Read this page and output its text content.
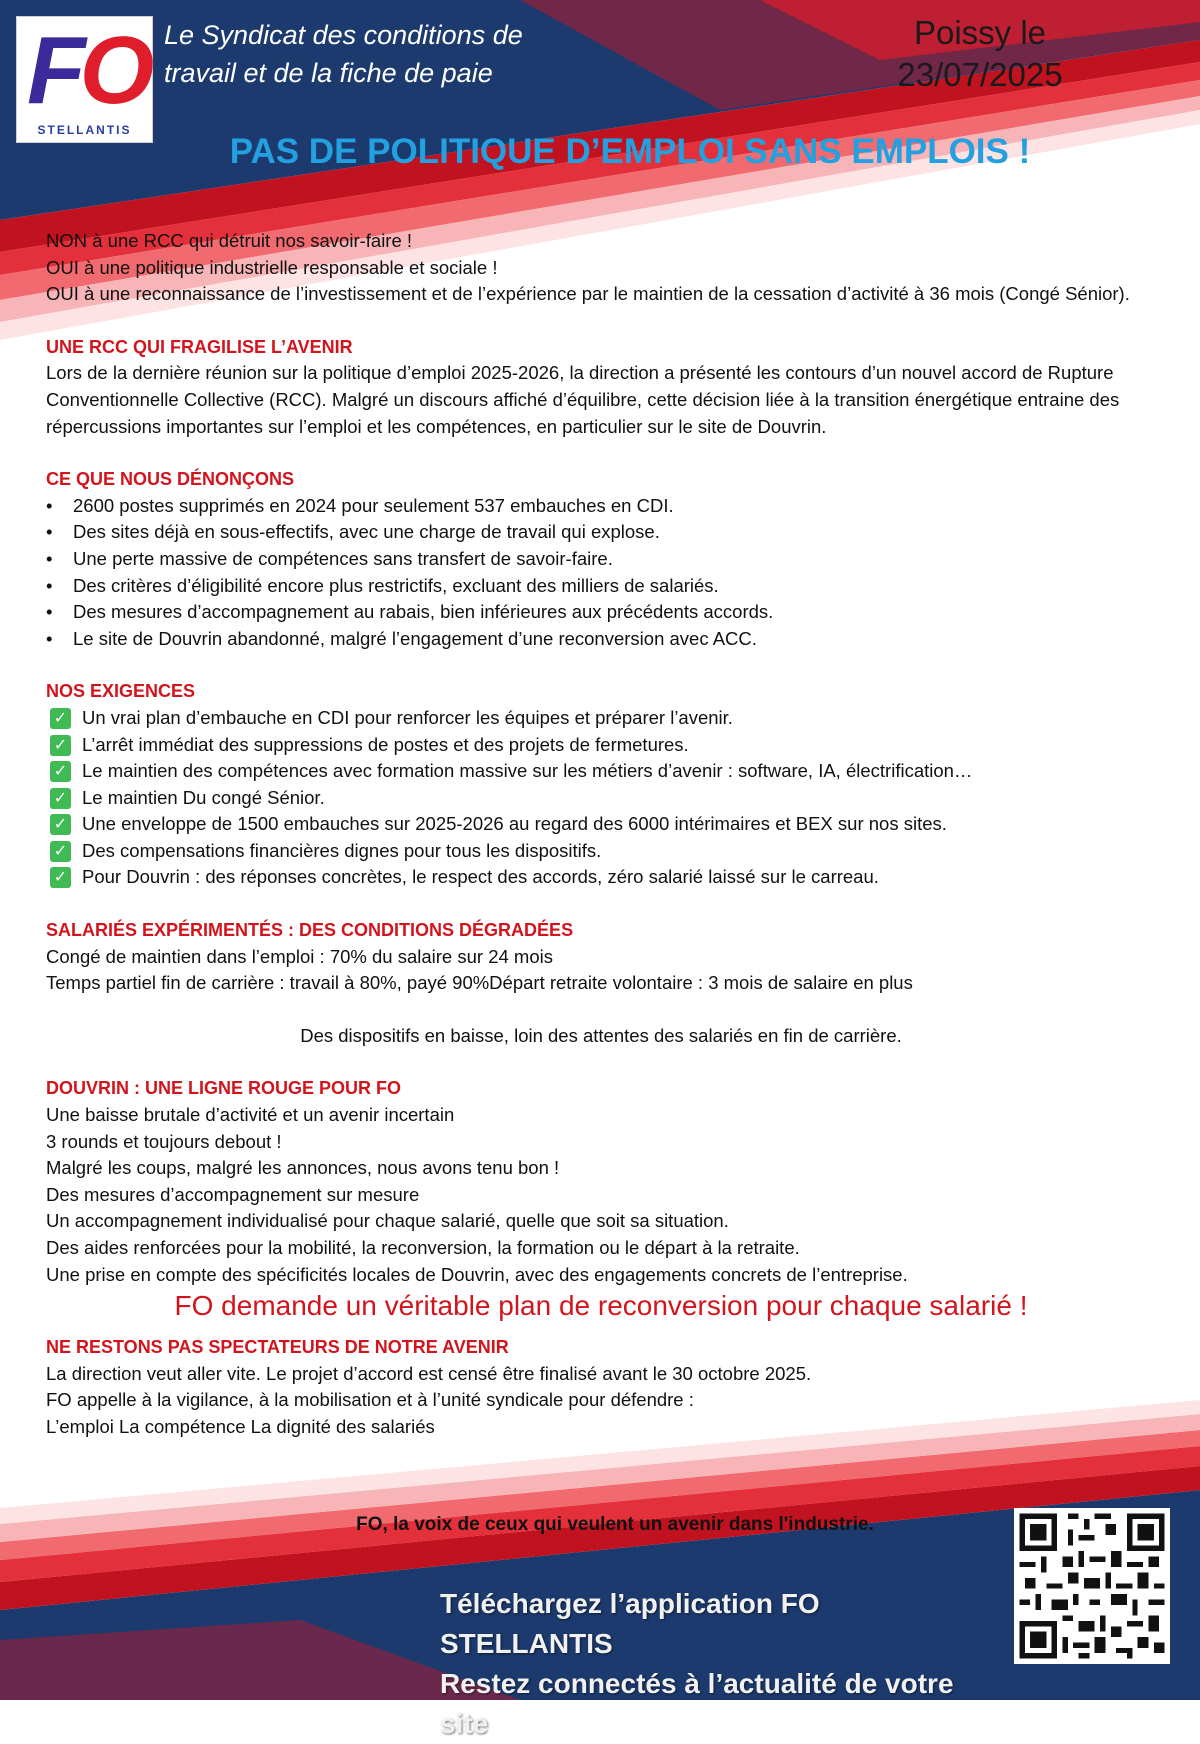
FO
STELLANTIS
Le Syndicat des conditions de
travail et de la fiche de paie
Poissy le
23/07/2025
PAS DE POLITIQUE D’EMPLOI SANS EMPLOIS !

NON à une RCC qui détruit nos savoir-faire !

OUI à une politique industrielle responsable et sociale !

OUI à une reconnaissance de l’investissement et de l’expérience par le maintien de la cessation d’activité à 36 mois (Congé Sénior).

UNE RCC QUI FRAGILISE L’AVENIR

Lors de la dernière réunion sur la politique d’emploi 2025-2026, la direction a présenté les contours d’un nouvel accord de Rupture Conventionnelle Collective (RCC). Malgré un discours affiché d’équilibre, cette décision liée à la transition énergétique entraine des répercussions importantes sur l’emploi et les compétences, en particulier sur le site de Douvrin.

CE QUE NOUS DÉNONÇONS

• 2600 postes supprimés en 2024 pour seulement 537 embauches en CDI.
• Des sites déjà en sous-effectifs, avec une charge de travail qui explose.
• Une perte massive de compétences sans transfert de savoir-faire.
• Des critères d’éligibilité encore plus restrictifs, excluant des milliers de salariés.
• Des mesures d’accompagnement au rabais, bien inférieures aux précédents accords.
• Le site de Douvrin abandonné, malgré l’engagement d’une reconversion avec ACC.

NOS EXIGENCES

✓ Un vrai plan d’embauche en CDI pour renforcer les équipes et préparer l’avenir.
✓ L’arrêt immédiat des suppressions de postes et des projets de fermetures.
✓ Le maintien des compétences avec formation massive sur les métiers d’avenir : software, IA, électrification…
✓ Le maintien Du congé Sénior.
✓ Une enveloppe de 1500 embauches sur 2025-2026 au regard des 6000 intérimaires et BEX sur nos sites.
✓ Des compensations financières dignes pour tous les dispositifs.
✓ Pour Douvrin : des réponses concrètes, le respect des accords, zéro salarié laissé sur le carreau.

SALARIÉS EXPÉRIMENTÉS : DES CONDITIONS DÉGRADÉES

Congé de maintien dans l’emploi : 70% du salaire sur 24 mois

Temps partiel fin de carrière : travail à 80%, payé 90%Départ retraite volontaire : 3 mois de salaire en plus

Des dispositifs en baisse, loin des attentes des salariés en fin de carrière.

DOUVRIN : UNE LIGNE ROUGE POUR FO

Une baisse brutale d’activité et un avenir incertain

3 rounds et toujours debout !

Malgré les coups, malgré les annonces, nous avons tenu bon !

Des mesures d’accompagnement sur mesure

Un accompagnement individualisé pour chaque salarié, quelle que soit sa situation.

Des aides renforcées pour la mobilité, la reconversion, la formation ou le départ à la retraite.

Une prise en compte des spécificités locales de Douvrin, avec des engagements concrets de l’entreprise.

FO demande un véritable plan de reconversion pour chaque salarié !

NE RESTONS PAS SPECTATEURS DE NOTRE AVENIR

La direction veut aller vite. Le projet d’accord est censé être finalisé avant le 30 octobre 2025.

FO appelle à la vigilance, à la mobilisation et à l’unité syndicale pour défendre :

L’emploi La compétence La dignité des salariés

FO, la voix de ceux qui veulent un avenir dans l'industrie.
Téléchargez l’application FO STELLANTIS
Restez connectés à l’actualité de votre site
